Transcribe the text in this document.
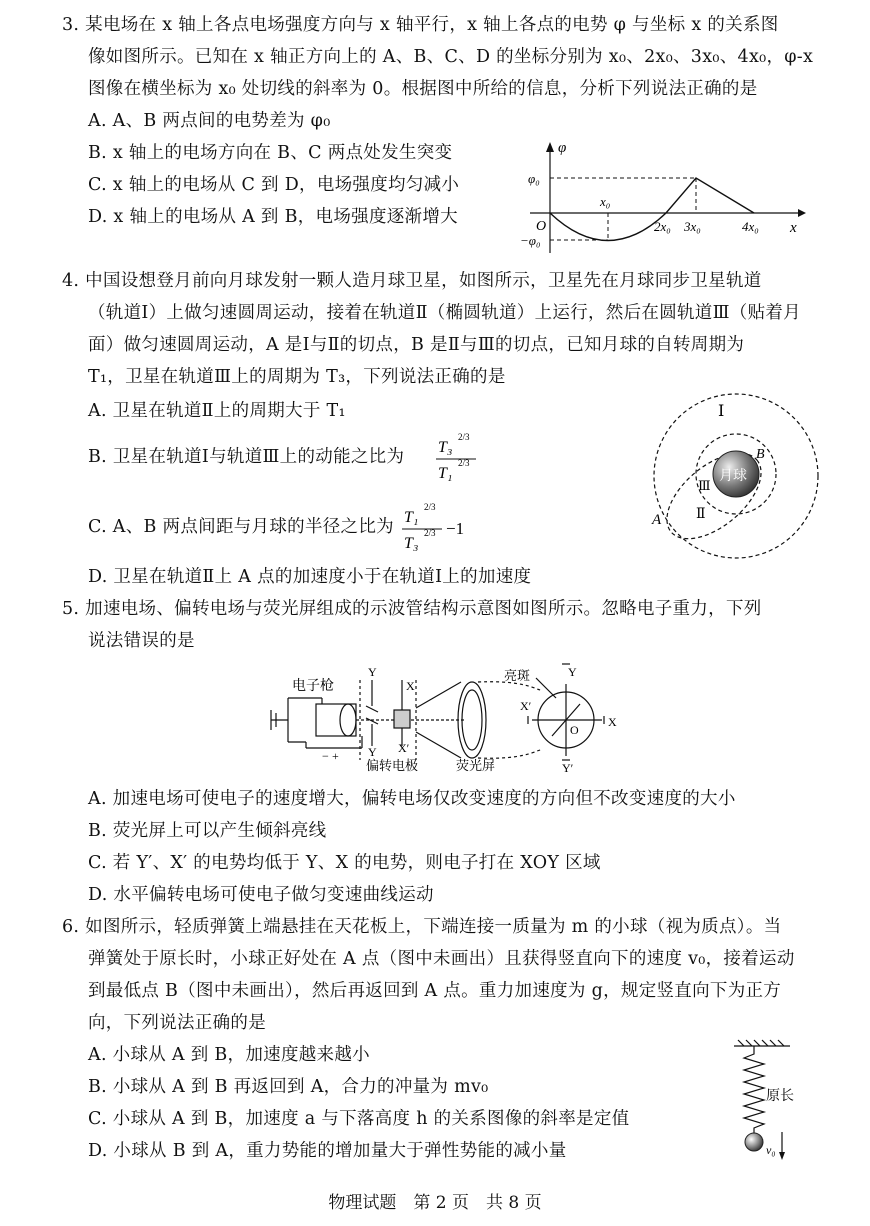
3. 某电场在 x 轴上各点电场强度方向与 x 轴平行，x 轴上各点的电势 φ 与坐标 x 的关系图
像如图所示。已知在 x 轴正方向上的 A、B、C、D 的坐标分别为 x₀、2x₀、3x₀、4x₀，φ-x
图像在横坐标为 x₀ 处切线的斜率为 0。根据图中所给的信息，分析下列说法正确的是
A. A、B 两点间的电势差为 φ₀
B. x 轴上的电场方向在 B、C 两点处发生突变
C. x 轴上的电场从 C 到 D，电场强度均匀减小
D. x 轴上的电场从 A 到 B，电场强度逐渐增大
φ
x
O
φ₀
−φ₀
x₀
2x₀ 3x₀	4x₀
4. 中国设想登月前向月球发射一颗人造月球卫星，如图所示，卫星先在月球同步卫星轨道
（轨道Ⅰ）上做匀速圆周运动，接着在轨道Ⅱ（椭圆轨道）上运行，然后在圆轨道Ⅲ（贴着月
面）做匀速圆周运动，A 是Ⅰ与Ⅱ的切点，B 是Ⅱ与Ⅲ的切点，已知月球的自转周期为
T₁，卫星在轨道Ⅲ上的周期为 T₃，下列说法正确的是
A. 卫星在轨道Ⅱ上的周期大于 T₁
B. 卫星在轨道Ⅰ与轨道Ⅲ上的动能之比为 T₃
2/3
T₁
2/3
C. A、B 两点间距与月球的半径之比为 T₁
2/3
T₃
2/3 −1
D. 卫星在轨道Ⅱ上 A 点的加速度小于在轨道Ⅰ上的加速度
月球
Ⅰ
Ⅲ
Ⅱ
A
B
5. 加速电场、偏转电场与荧光屏组成的示波管结构示意图如图所示。忽略电子重力，下列
说法错误的是
电子枪
Y
Y
X
X′
偏转电极	荧光屏
亮斑
X′
X
Y
Y′
O
− +
A. 加速电场可使电子的速度增大，偏转电场仅改变速度的方向但不改变速度的大小
B. 荧光屏上可以产生倾斜亮线
C. 若 Y′、X′ 的电势均低于 Y、X 的电势，则电子打在 XOY 区域
D. 水平偏转电场可使电子做匀变速曲线运动
6. 如图所示，轻质弹簧上端悬挂在天花板上，下端连接一质量为 m 的小球（视为质点）。当
弹簧处于原长时，小球正好处在 A 点（图中未画出）且获得竖直向下的速度 v₀，接着运动
到最低点 B（图中未画出），然后再返回到 A 点。重力加速度为 g，规定竖直向下为正方
向，下列说法正确的是
A. 小球从 A 到 B，加速度越来越小
B. 小球从 A 到 B 再返回到 A，合力的冲量为 mv₀
C. 小球从 A 到 B，加速度 a 与下落高度 h 的关系图像的斜率是定值
D. 小球从 B 到 A，重力势能的增加量大于弹性势能的减小量
原长
v₀
物理试题　第 2 页　共 8 页
